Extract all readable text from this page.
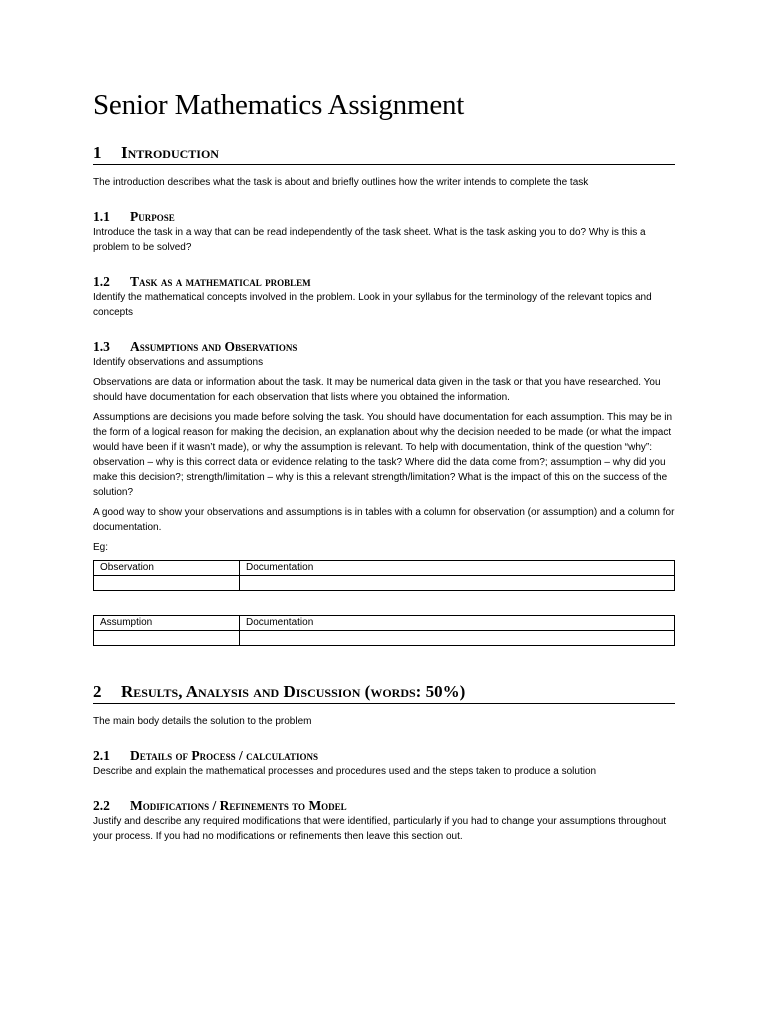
Senior Mathematics Assignment
1 Introduction

The introduction describes what the task is about and briefly outlines how the writer intends to complete the task

1.1 Purpose

Introduce the task in a way that can be read independently of the task sheet. What is the task asking you to do? Why is this a problem to be solved?

1.2 Task as a mathematical problem

Identify the mathematical concepts involved in the problem. Look in your syllabus for the terminology of the relevant topics and concepts

1.3 Assumptions and Observations

Identify observations and assumptions

Observations are data or information about the task. It may be numerical data given in the task or that you have researched. You should have documentation for each observation that lists where you obtained the information.

Assumptions are decisions you made before solving the task. You should have documentation for each assumption. This may be in the form of a logical reason for making the decision, an explanation about why the decision needed to be made (or what the impact would have been if it wasn’t made), or why the assumption is relevant. To help with documentation, think of the question “why”: observation – why is this correct data or evidence relating to the task? Where did the data come from?; assumption – why did you make this decision?; strength/limitation – why is this a relevant strength/limitation? What is the impact of this on the success of the solution?

A good way to show your observations and assumptions is in tables with a column for observation (or assumption) and a column for documentation.

Eg:

Observation	Documentation

Assumption	Documentation

2 Results, Analysis and Discussion (words: 50%)

The main body details the solution to the problem

2.1 Details of Process / calculations

Describe and explain the mathematical processes and procedures used and the steps taken to produce a solution

2.2 Modifications / Refinements to Model

Justify and describe any required modifications that were identified, particularly if you had to change your assumptions throughout your process. If you had no modifications or refinements then leave this section out.
